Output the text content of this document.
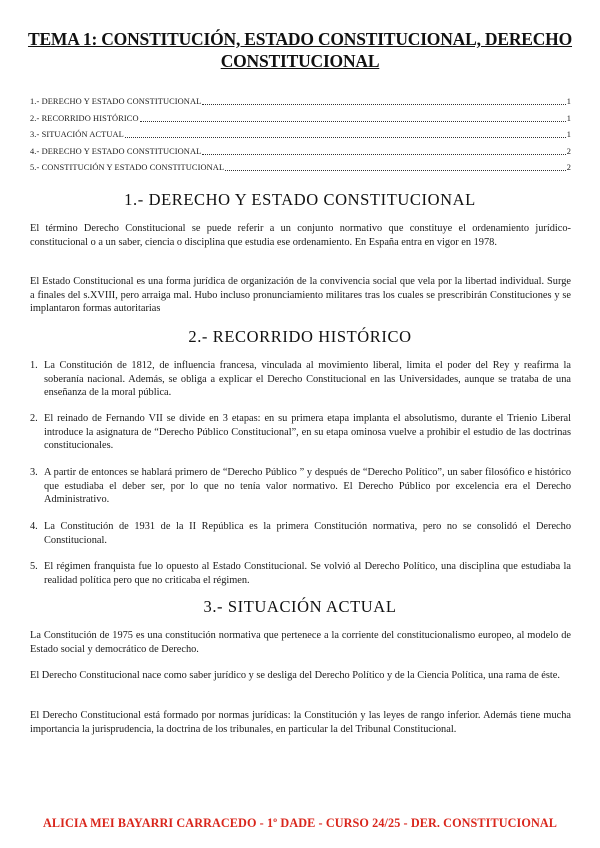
TEMA 1: CONSTITUCIÓN, ESTADO CONSTITUCIONAL, DERECHO CONSTITUCIONAL
1.- DERECHO Y ESTADO CONSTITUCIONAL	1
2.- RECORRIDO HISTÓRICO	1
3.- SITUACIÓN ACTUAL	1
4.- DERECHO Y ESTADO CONSTITUCIONAL	2
5.- CONSTITUCIÓN Y ESTADO CONSTITUCIONAL	2
1.- DERECHO Y ESTADO CONSTITUCIONAL
El término Derecho Constitucional se puede referir a un conjunto normativo que constituye el ordenamiento jurídico-constitucional o a un saber, ciencia o disciplina que estudia ese ordenamiento. En España entra en vigor en 1978.
El Estado Constitucional es una forma jurídica de organización de la convivencia social que vela por la libertad individual. Surge a finales del s.XVIII, pero arraiga mal. Hubo incluso pronunciamiento militares tras los cuales se prescribirán Constituciones y se implantaron formas autoritarias
2.- RECORRIDO HISTÓRICO
1. La Constitución de 1812, de influencia francesa, vinculada al movimiento liberal, limita el poder del Rey y reafirma la soberanía nacional. Además, se obliga a explicar el Derecho Constitucional en las Universidades, aunque se trataba de una enseñanza de la moral pública.
2. El reinado de Fernando VII se divide en 3 etapas: en su primera etapa implanta el absolutismo, durante el Trienio Liberal introduce la asignatura de “Derecho Público Constitucional”, en su etapa ominosa vuelve a prohibir el estudio de las doctrinas constitucionales.
3. A partir de entonces se hablará primero de “Derecho Público ” y después de “Derecho Político”, un saber filosófico e histórico que estudiaba el deber ser, por lo que no tenía valor normativo. El Derecho Público por excelencia era el Derecho Administrativo.
4. La Constitución de 1931 de la II República es la primera Constitución normativa, pero no se consolidó el Derecho Constitucional.
5. El régimen franquista fue lo opuesto al Estado Constitucional. Se volvió al Derecho Político, una disciplina que estudiaba la realidad política pero que no criticaba el régimen.
3.- SITUACIÓN ACTUAL
La Constitución de 1975 es una constitución normativa que pertenece a la corriente del constitucionalismo europeo, al modelo de Estado social y democrático de Derecho.
El Derecho Constitucional nace como saber jurídico y se desliga del Derecho Político y de la Ciencia Política, una rama de éste.
El Derecho Constitucional está formado por normas jurídicas: la Constitución y las leyes de rango inferior. Además tiene mucha importancia la jurisprudencia, la doctrina de los tribunales, en particular la del Tribunal Constitucional.
ALICIA MEI BAYARRI CARRACEDO - 1º DADE - CURSO 24/25 - DER. CONSTITUCIONAL
